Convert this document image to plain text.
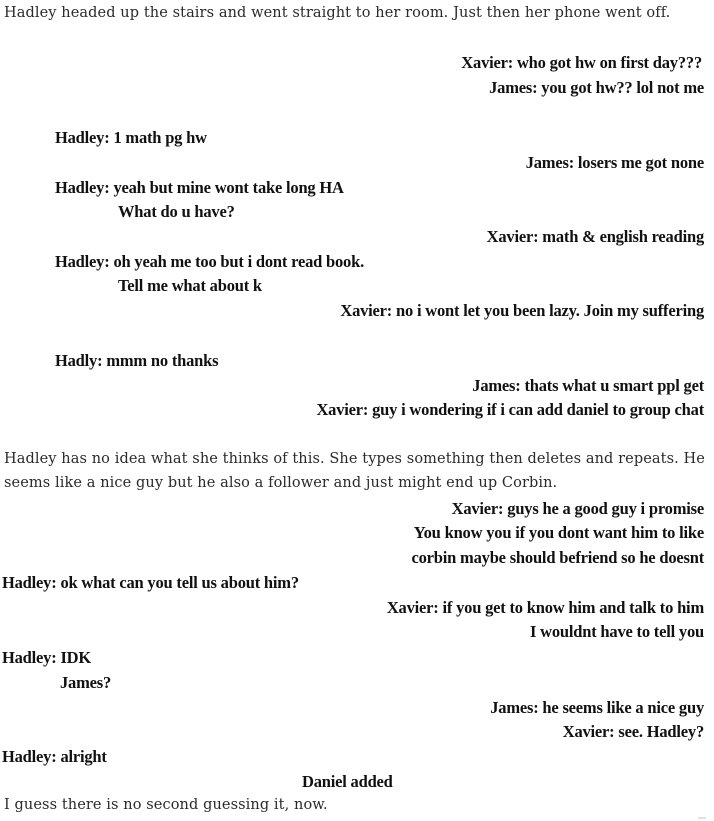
Hadley headed up the stairs and went straight to her room. Just then her phone went off.

Xavier: who got hw on first day???

James: you got hw?? lol not me

Hadley: 1 math pg hw

James: losers me got none

Hadley: yeah but mine wont take long HA

What do u have?

Xavier: math & english reading

Hadley: oh yeah me too but i dont read book.

Tell me what about k

Xavier: no i wont let you been lazy. Join my suffering

Hadly: mmm no thanks

James: thats what u smart ppl get

Xavier: guy i wondering if i can add daniel to group chat

Hadley has no idea what she thinks of this. She types something then deletes and repeats. He

seems like a nice guy but he also a follower and just might end up Corbin.

Xavier: guys he a good guy i promise

You know you if you dont want him to like

corbin maybe should befriend so he doesnt

Hadley: ok what can you tell us about him?

Xavier: if you get to know him and talk to him

I wouldnt have to tell you

Hadley: IDK

James?

James: he seems like a nice guy

Xavier: see. Hadley?

Hadley: alright

Daniel added

I guess there is no second guessing it, now.
